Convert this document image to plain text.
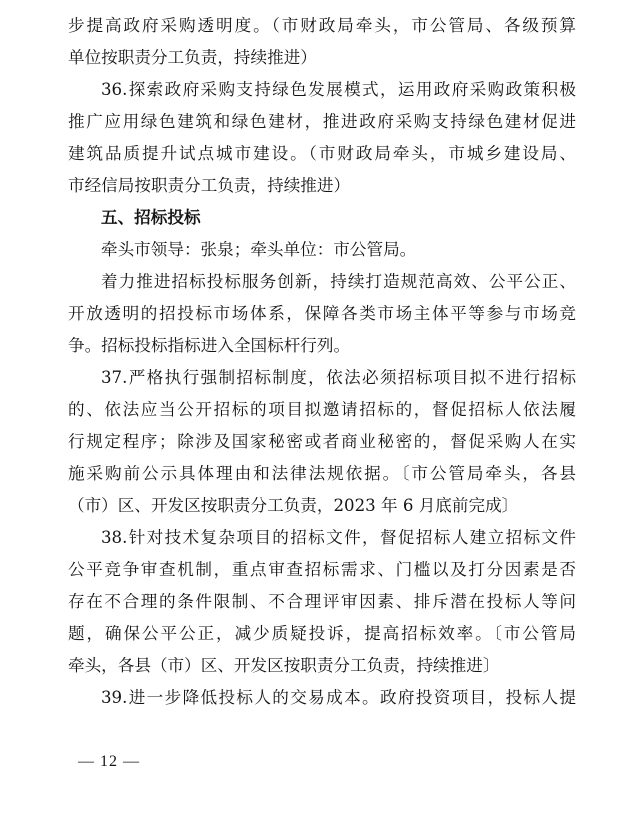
步提高政府采购透明度。（市财政局牵头，市公管局、各级预算
单位按职责分工负责，持续推进）
36.探索政府采购支持绿色发展模式，运用政府采购政策积极
推广应用绿色建筑和绿色建材，推进政府采购支持绿色建材促进
建筑品质提升试点城市建设。（市财政局牵头，市城乡建设局、
市经信局按职责分工负责，持续推进）
五、招标投标
牵头市领导：张泉；牵头单位：市公管局。
着力推进招标投标服务创新，持续打造规范高效、公平公正、
开放透明的招投标市场体系，保障各类市场主体平等参与市场竞
争。招标投标指标进入全国标杆行列。
37.严格执行强制招标制度，依法必须招标项目拟不进行招标
的、依法应当公开招标的项目拟邀请招标的，督促招标人依法履
行规定程序；除涉及国家秘密或者商业秘密的，督促采购人在实
施采购前公示具体理由和法律法规依据。〔市公管局牵头，各县
（市）区、开发区按职责分工负责，2023 年 6 月底前完成〕
38.针对技术复杂项目的招标文件，督促招标人建立招标文件
公平竞争审查机制，重点审查招标需求、门槛以及打分因素是否
存在不合理的条件限制、不合理评审因素、排斥潜在投标人等问
题，确保公平公正，减少质疑投诉，提高招标效率。〔市公管局
牵头，各县（市）区、开发区按职责分工负责，持续推进〕
39.进一步降低投标人的交易成本。政府投资项目，投标人提
— 12 —
